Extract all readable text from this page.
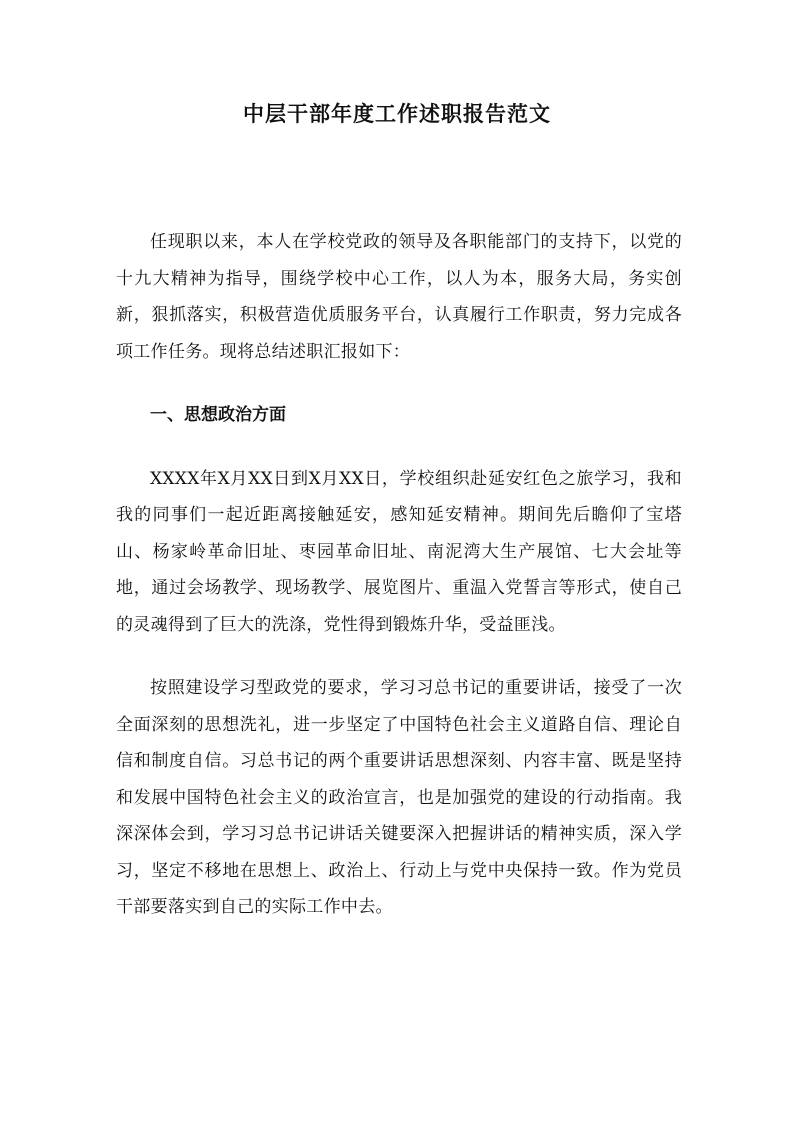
中层干部年度工作述职报告范文

任现职以来，本人在学校党政的领导及各职能部门的支持下，以党的十九大精神为指导，围绕学校中心工作，以人为本，服务大局，务实创新，狠抓落实，积极营造优质服务平台，认真履行工作职责，努力完成各项工作任务。现将总结述职汇报如下：

一、思想政治方面

XXXX年X月XX日到X月XX日，学校组织赴延安红色之旅学习，我和我的同事们一起近距离接触延安，感知延安精神。期间先后瞻仰了宝塔山、杨家岭革命旧址、枣园革命旧址、南泥湾大生产展馆、七大会址等地，通过会场教学、现场教学、展览图片、重温入党誓言等形式，使自己的灵魂得到了巨大的洗涤，党性得到锻炼升华，受益匪浅。

按照建设学习型政党的要求，学习习总书记的重要讲话，接受了一次全面深刻的思想洗礼，进一步坚定了中国特色社会主义道路自信、理论自信和制度自信。习总书记的两个重要讲话思想深刻、内容丰富、既是坚持和发展中国特色社会主义的政治宣言，也是加强党的建设的行动指南。我深深体会到，学习习总书记讲话关键要深入把握讲话的精神实质，深入学习，坚定不移地在思想上、政治上、行动上与党中央保持一致。作为党员干部要落实到自己的实际工作中去。
